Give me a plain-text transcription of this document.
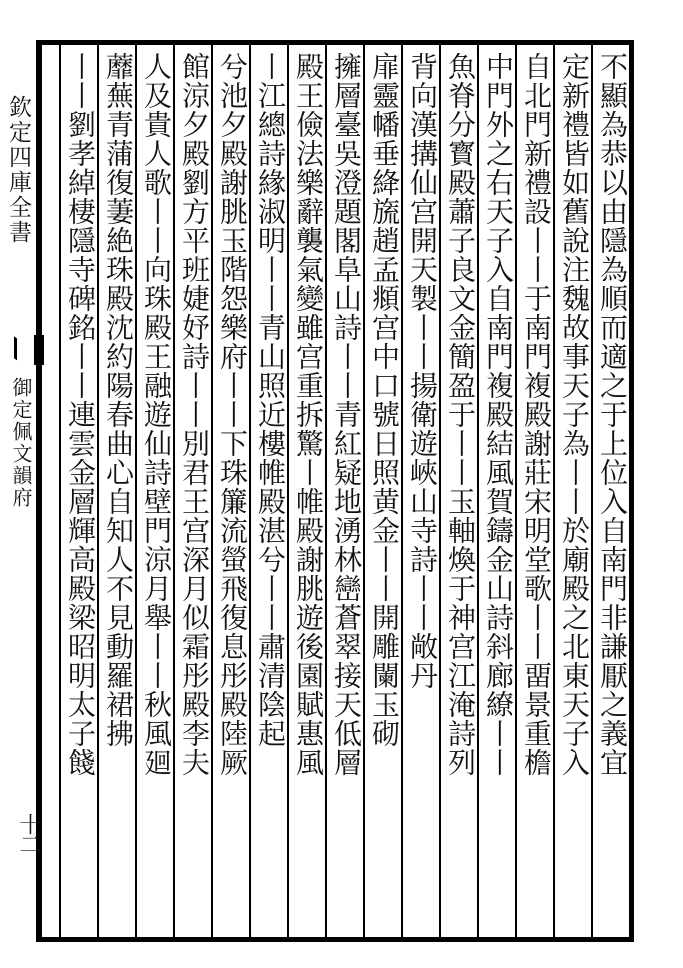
欽定四庫全書
御定佩文韻府
十二
不顯為恭以由隱為順而適之于上位入自南門非謙厭之義宜
定新禮皆如舊說注魏故事天子為丨丨於廟殿之北東天子入
自北門新禮設丨丨于南門複殿謝莊宋明堂歌丨丨畱景重檐
中門外之右天子入自南門複殿結風賀鑄金山詩斜廊繚丨丨
魚脊分寳殿蕭子良文金簡盈于丨丨玉軸煥于神宫江淹詩列
背向漢搆仙宫開天製丨丨揚衛遊峽山寺詩丨丨敞丹
扉靈幡垂絳旒趙孟頫宫中口號日照黄金丨丨開雕闌玉砌
擁層臺吳澄題閣阜山詩丨丨青紅疑地湧林巒蒼翠接天低層
殿王儉法樂辭襲氣變雖宫重拆驚丨帷殿謝朓遊後園賦惠風
丨江總詩緣淑明丨丨青山照近樓帷殿湛兮丨丨肅清陰起
兮池夕殿謝朓玉階怨樂府丨丨下珠簾流螢飛復息彤殿陸厥
館涼夕殿劉方平班婕妤詩丨丨別君王宫深月似霜彤殿李夫
人及貴人歌丨丨向珠殿王融遊仙詩壁門涼月舉丨丨秋風廻
蘼蕪青蒲復萋絶珠殿沈約陽春曲心自知人不見動羅裙拂
丨丨劉孝綽棲隱寺碑銘丨丨連雲金層輝高殿梁昭明太子餞
